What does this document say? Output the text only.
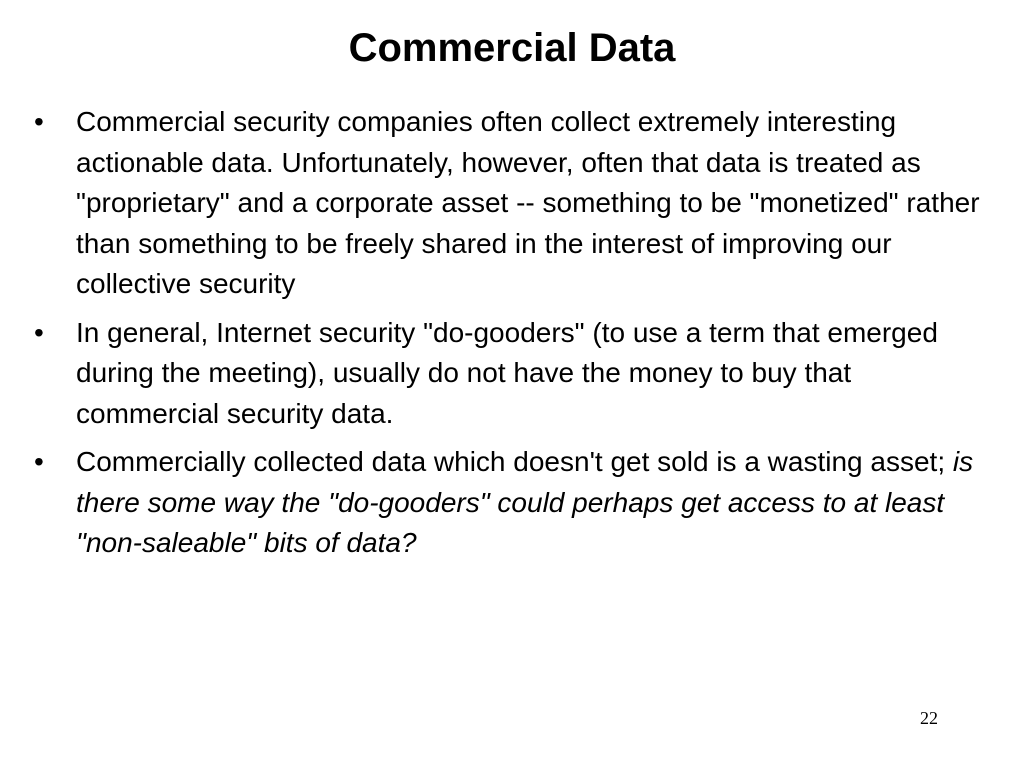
Commercial Data
• Commercial security companies often collect extremely interesting actionable data. Unfortunately, however, often that data is treated as "proprietary" and a corporate asset -- something to be "monetized" rather than something to be freely shared in the interest of improving our collective security
• In general, Internet security "do-gooders" (to use a term that emerged during the meeting), usually do not have the money to buy that commercial security data.
• Commercially collected data which doesn't get sold is a wasting asset; is there some way the "do-gooders" could perhaps get access to at least "non-saleable" bits of data?
22
